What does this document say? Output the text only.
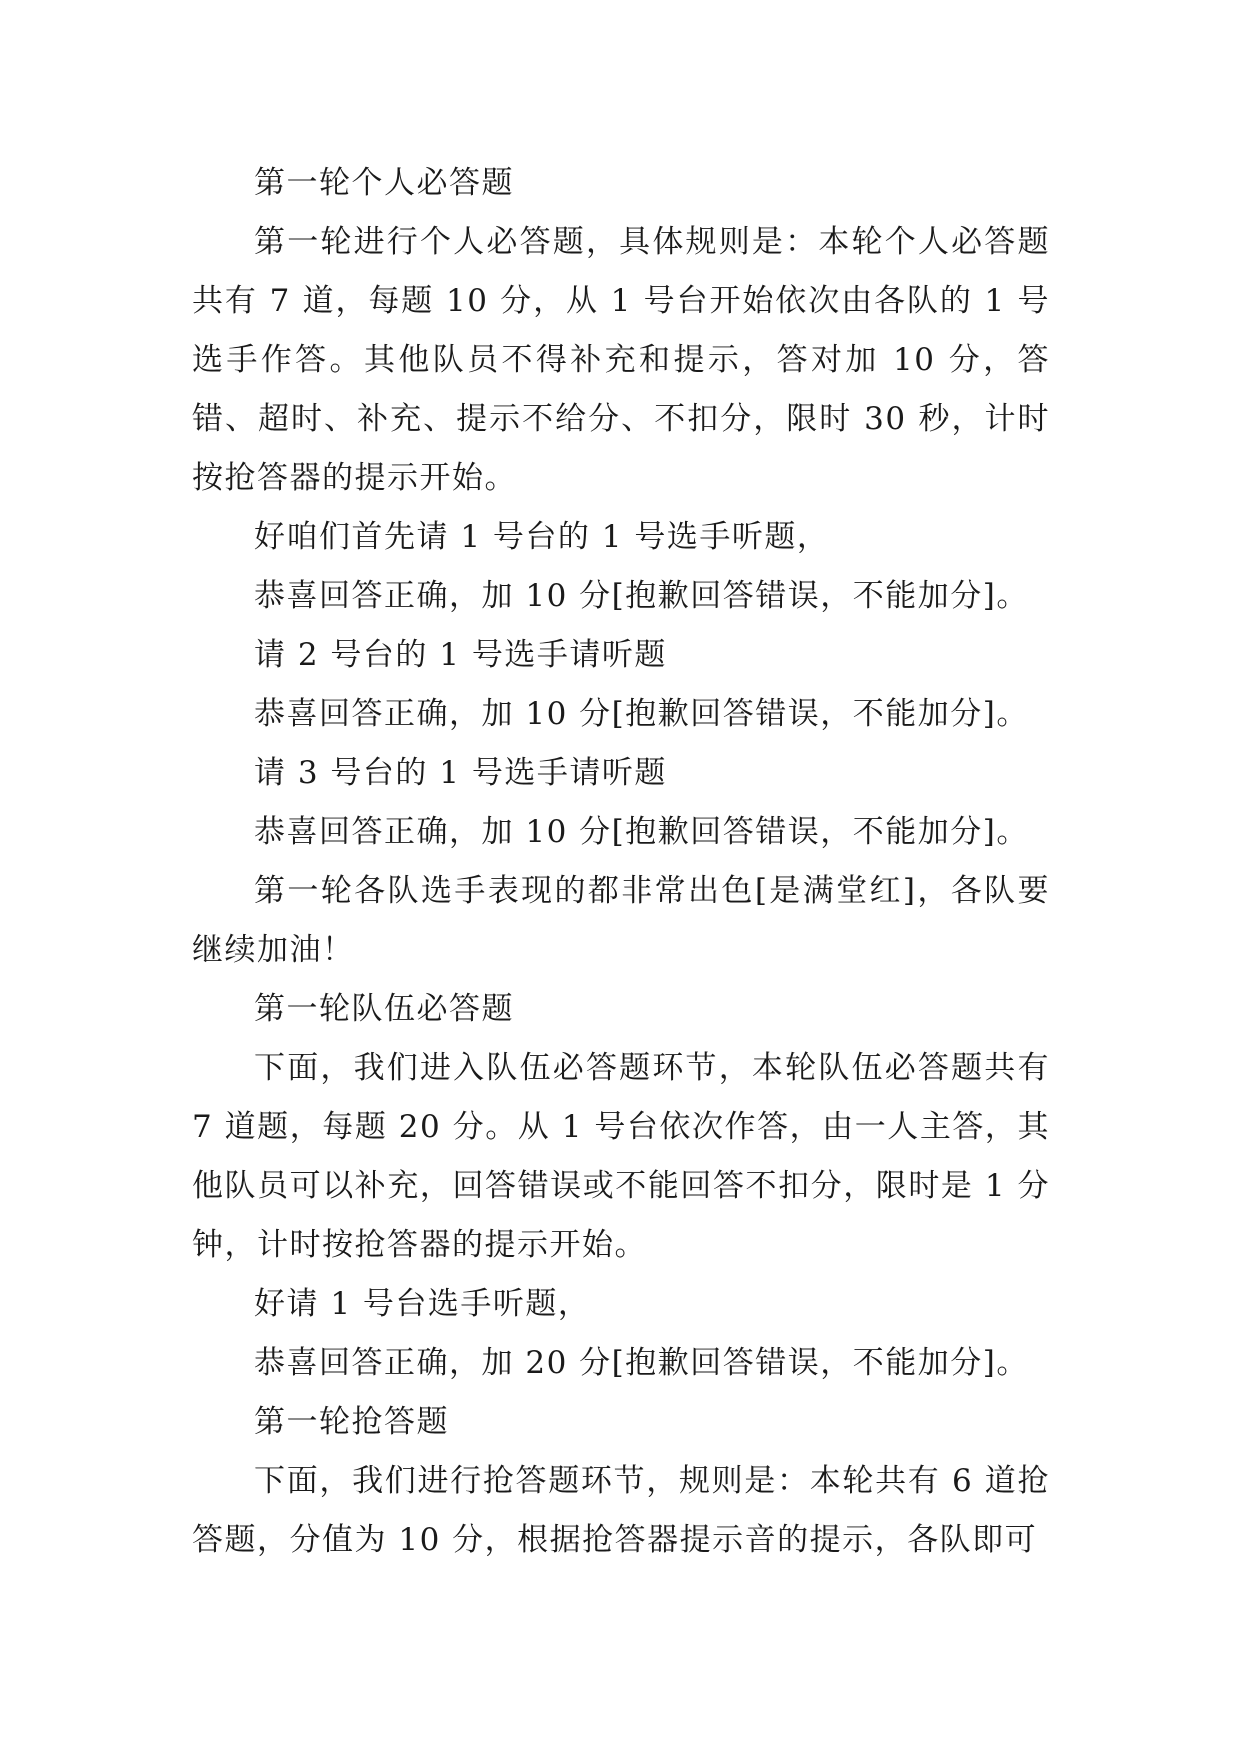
第一轮个人必答题

第一轮进行个人必答题，具体规则是：本轮个人必答题共有 7 道，每题 10 分，从 1 号台开始依次由各队的 1 号选手作答。其他队员不得补充和提示，答对加 10 分，答错、超时、补充、提示不给分、不扣分，限时 30 秒，计时按抢答器的提示开始。

好咱们首先请 1 号台的 1 号选手听题，

恭喜回答正确，加 10 分[抱歉回答错误，不能加分]。

请 2 号台的 1 号选手请听题

恭喜回答正确，加 10 分[抱歉回答错误，不能加分]。

请 3 号台的 1 号选手请听题

恭喜回答正确，加 10 分[抱歉回答错误，不能加分]。

第一轮各队选手表现的都非常出色[是满堂红]，各队要继续加油！

第一轮队伍必答题

下面，我们进入队伍必答题环节，本轮队伍必答题共有 7 道题，每题 20 分。从 1 号台依次作答，由一人主答，其他队员可以补充，回答错误或不能回答不扣分，限时是 1 分钟，计时按抢答器的提示开始。

好请 1 号台选手听题，

恭喜回答正确，加 20 分[抱歉回答错误，不能加分]。

第一轮抢答题

下面，我们进行抢答题环节，规则是：本轮共有 6 道抢答题，分值为 10 分，根据抢答器提示音的提示，各队即可
